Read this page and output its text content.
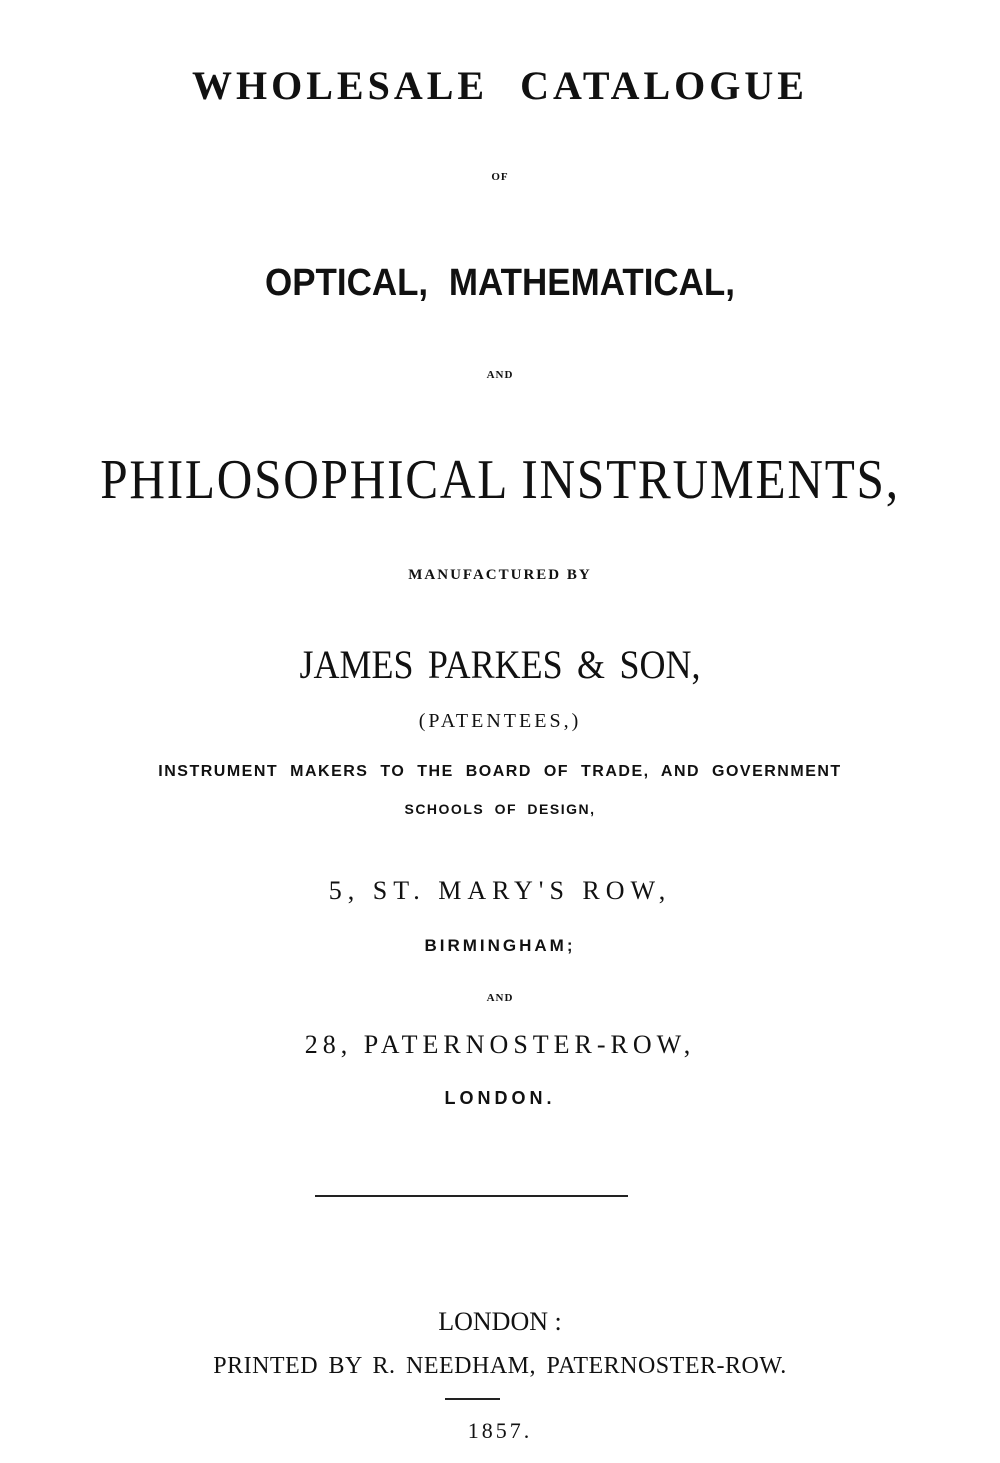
WHOLESALE CATALOGUE
OF
OPTICAL, MATHEMATICAL,
AND
PHILOSOPHICAL INSTRUMENTS,
MANUFACTURED BY
JAMES PARKES & SON,
(PATENTEES,)
INSTRUMENT MAKERS TO THE BOARD OF TRADE, AND GOVERNMENT
SCHOOLS OF DESIGN,
5, ST. MARY'S ROW,
BIRMINGHAM;
AND
28, PATERNOSTER-ROW,
LONDON.
LONDON :
PRINTED BY R. NEEDHAM, PATERNOSTER-ROW.
1857.
